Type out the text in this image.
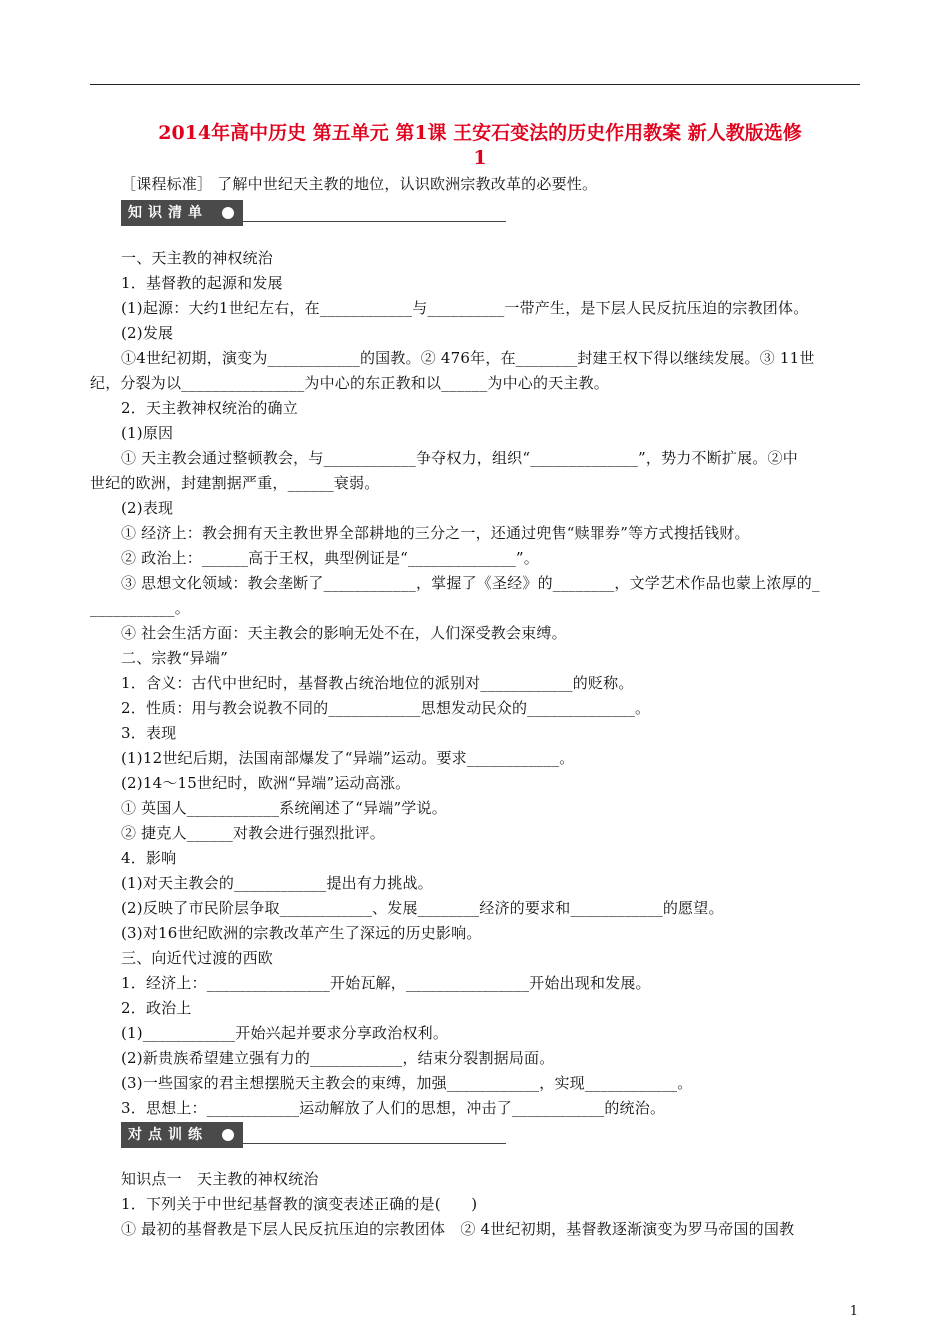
2014年高中历史 第五单元 第1课 王安石变法的历史作用教案 新人教版选修
1
［课程标准］ 了解中世纪天主教的地位，认识欧洲宗教改革的必要性。
知识清单
一、天主教的神权统治
1．基督教的起源和发展
(1)起源：大约1世纪左右，在____________与__________一带产生，是下层人民反抗压迫的宗教团体。
(2)发展
①4世纪初期，演变为____________的国教。② 476年，在________封建王权下得以继续发展。③ 11世
纪，分裂为以________________为中心的东正教和以______为中心的天主教。
2．天主教神权统治的确立
(1)原因
① 天主教会通过整顿教会，与____________争夺权力，组织“______________”，势力不断扩展。②中
世纪的欧洲，封建割据严重，______衰弱。
(2)表现
① 经济上：教会拥有天主教世界全部耕地的三分之一，还通过兜售“赎罪券”等方式搜括钱财。
② 政治上：______高于王权，典型例证是“______________”。
③ 思想文化领域：教会垄断了____________，掌握了《圣经》的________，文学艺术作品也蒙上浓厚的_
___________。
④ 社会生活方面：天主教会的影响无处不在，人们深受教会束缚。
二、宗教“异端”
1．含义：古代中世纪时，基督教占统治地位的派别对____________的贬称。
2．性质：用与教会说教不同的____________思想发动民众的______________。
3．表现
(1)12世纪后期，法国南部爆发了“异端”运动。要求____________。
(2)14～15世纪时，欧洲“异端”运动高涨。
① 英国人____________系统阐述了“异端”学说。
② 捷克人______对教会进行强烈批评。
4．影响
(1)对天主教会的____________提出有力挑战。
(2)反映了市民阶层争取____________、发展________经济的要求和____________的愿望。
(3)对16世纪欧洲的宗教改革产生了深远的历史影响。
三、向近代过渡的西欧
1．经济上：________________开始瓦解，________________开始出现和发展。
2．政治上
(1)____________开始兴起并要求分享政治权利。
(2)新贵族希望建立强有力的____________，结束分裂割据局面。
(3)一些国家的君主想摆脱天主教会的束缚，加强____________，实现____________。
3．思想上：____________运动解放了人们的思想，冲击了____________的统治。
对点训练
知识点一　天主教的神权统治
1．下列关于中世纪基督教的演变表述正确的是(　　)
① 最初的基督教是下层人民反抗压迫的宗教团体　② 4世纪初期，基督教逐渐演变为罗马帝国的国教
1
